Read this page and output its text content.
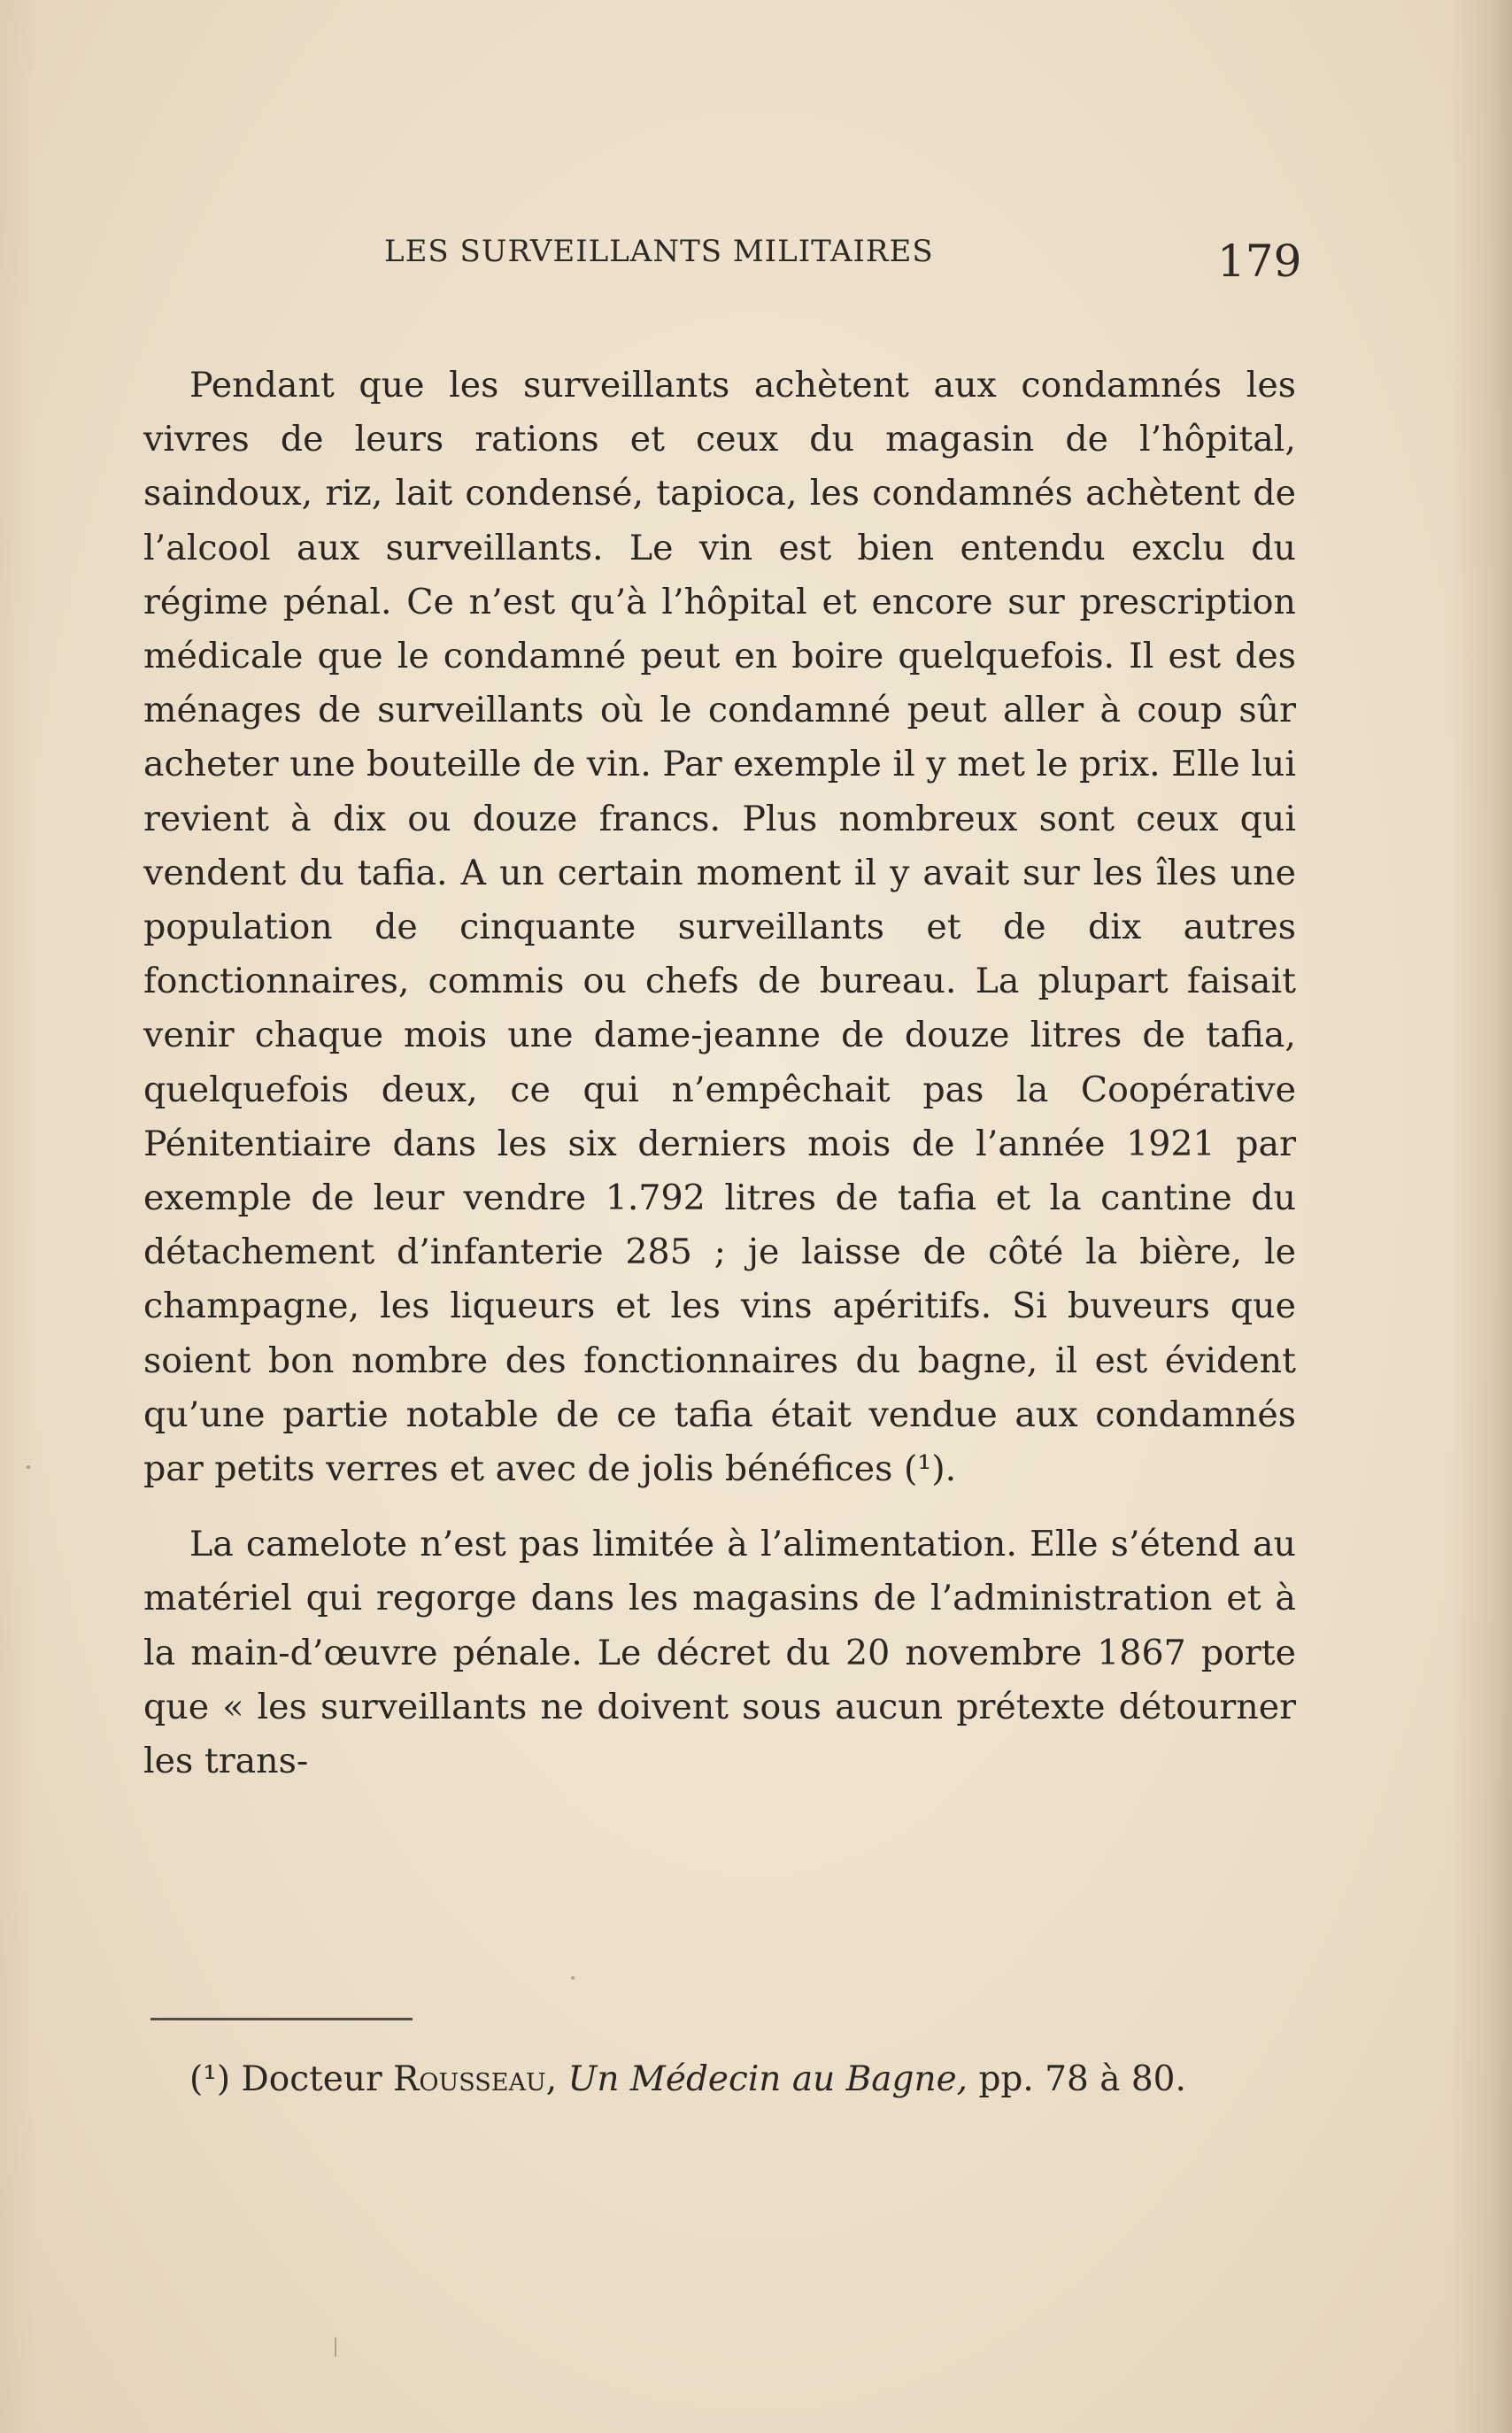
LES SURVEILLANTS MILITAIRES	179

Pendant que les surveillants achètent aux condamnés les vivres de leurs rations et ceux du magasin de l’hôpital, saindoux, riz, lait condensé, tapioca, les condamnés achètent de l’alcool aux surveillants. Le vin est bien entendu exclu du régime pénal. Ce n’est qu’à l’hôpital et encore sur prescription médicale que le condamné peut en boire quelquefois. Il est des ménages de surveillants où le condamné peut aller à coup sûr acheter une bouteille de vin. Par exemple il y met le prix. Elle lui revient à dix ou douze francs. Plus nombreux sont ceux qui vendent du tafia. A un certain moment il y avait sur les îles une population de cinquante surveillants et de dix autres fonctionnaires, commis ou chefs de bureau. La plupart faisait venir chaque mois une dame-jeanne de douze litres de tafia, quelquefois deux, ce qui n’empêchait pas la Coopérative Pénitentiaire dans les six derniers mois de l’année 1921 par exemple de leur vendre 1.792 litres de tafia et la cantine du détachement d’infanterie 285 ; je laisse de côté la bière, le champagne, les liqueurs et les vins apéritifs. Si buveurs que soient bon nombre des fonctionnaires du bagne, il est évident qu’une partie notable de ce tafia était vendue aux condamnés par petits verres et avec de jolis bénéfices (¹).

La camelote n’est pas limitée à l’alimentation. Elle s’étend au matériel qui regorge dans les magasins de l’administration et à la main-d’œuvre pénale. Le décret du 20 novembre 1867 porte que « les surveillants ne doivent sous aucun prétexte détourner les trans-

(¹) Docteur Rousseau, Un Médecin au Bagne, pp. 78 à 80.
